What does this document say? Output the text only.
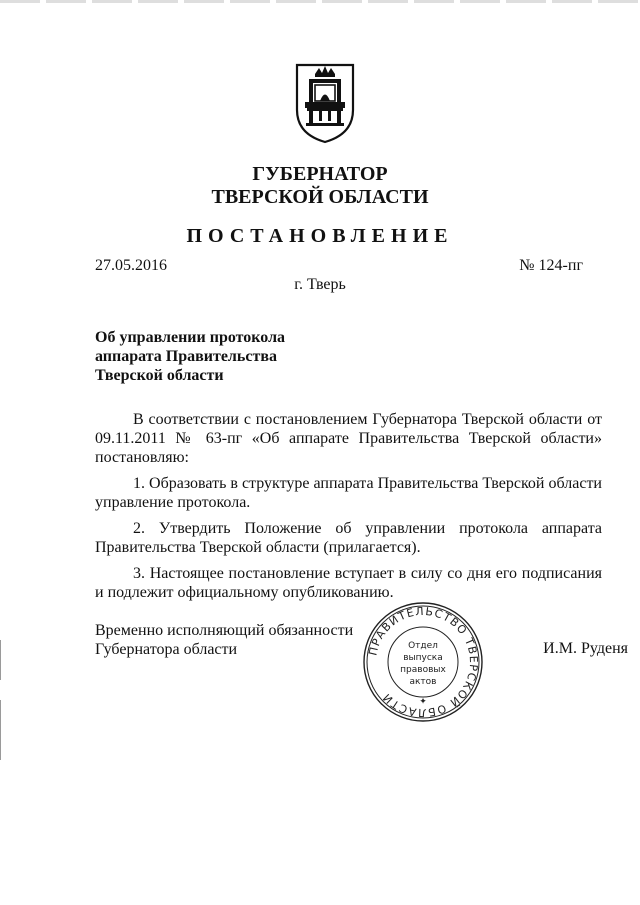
ГУБЕРНАТОР
ТВЕРСКОЙ ОБЛАСТИ
ПОСТАНОВЛЕНИЕ
27.05.2016	№ 124-пг
г. Тверь
Об управлении протокола
аппарата Правительства
Тверской области

В соответствии с постановлением Губернатора Тверской области от 09.11.2011 № 63-пг «Об аппарате Правительства Тверской области» постановляю:

1. Образовать в структуре аппарата Правительства Тверской области управление протокола.

2. Утвердить Положение об управлении протокола аппарата Правительства Тверской области (прилагается).

3. Настоящее постановление вступает в силу со дня его подписания и подлежит официальному опубликованию.

Временно исполняющий обязанности
Губернатора области	И.М. Руденя
ПРАВИТЕЛЬСТВО ТВЕРСКОЙ ОБЛАСТИ	✦
Отдел
выпуска
правовых
актов
